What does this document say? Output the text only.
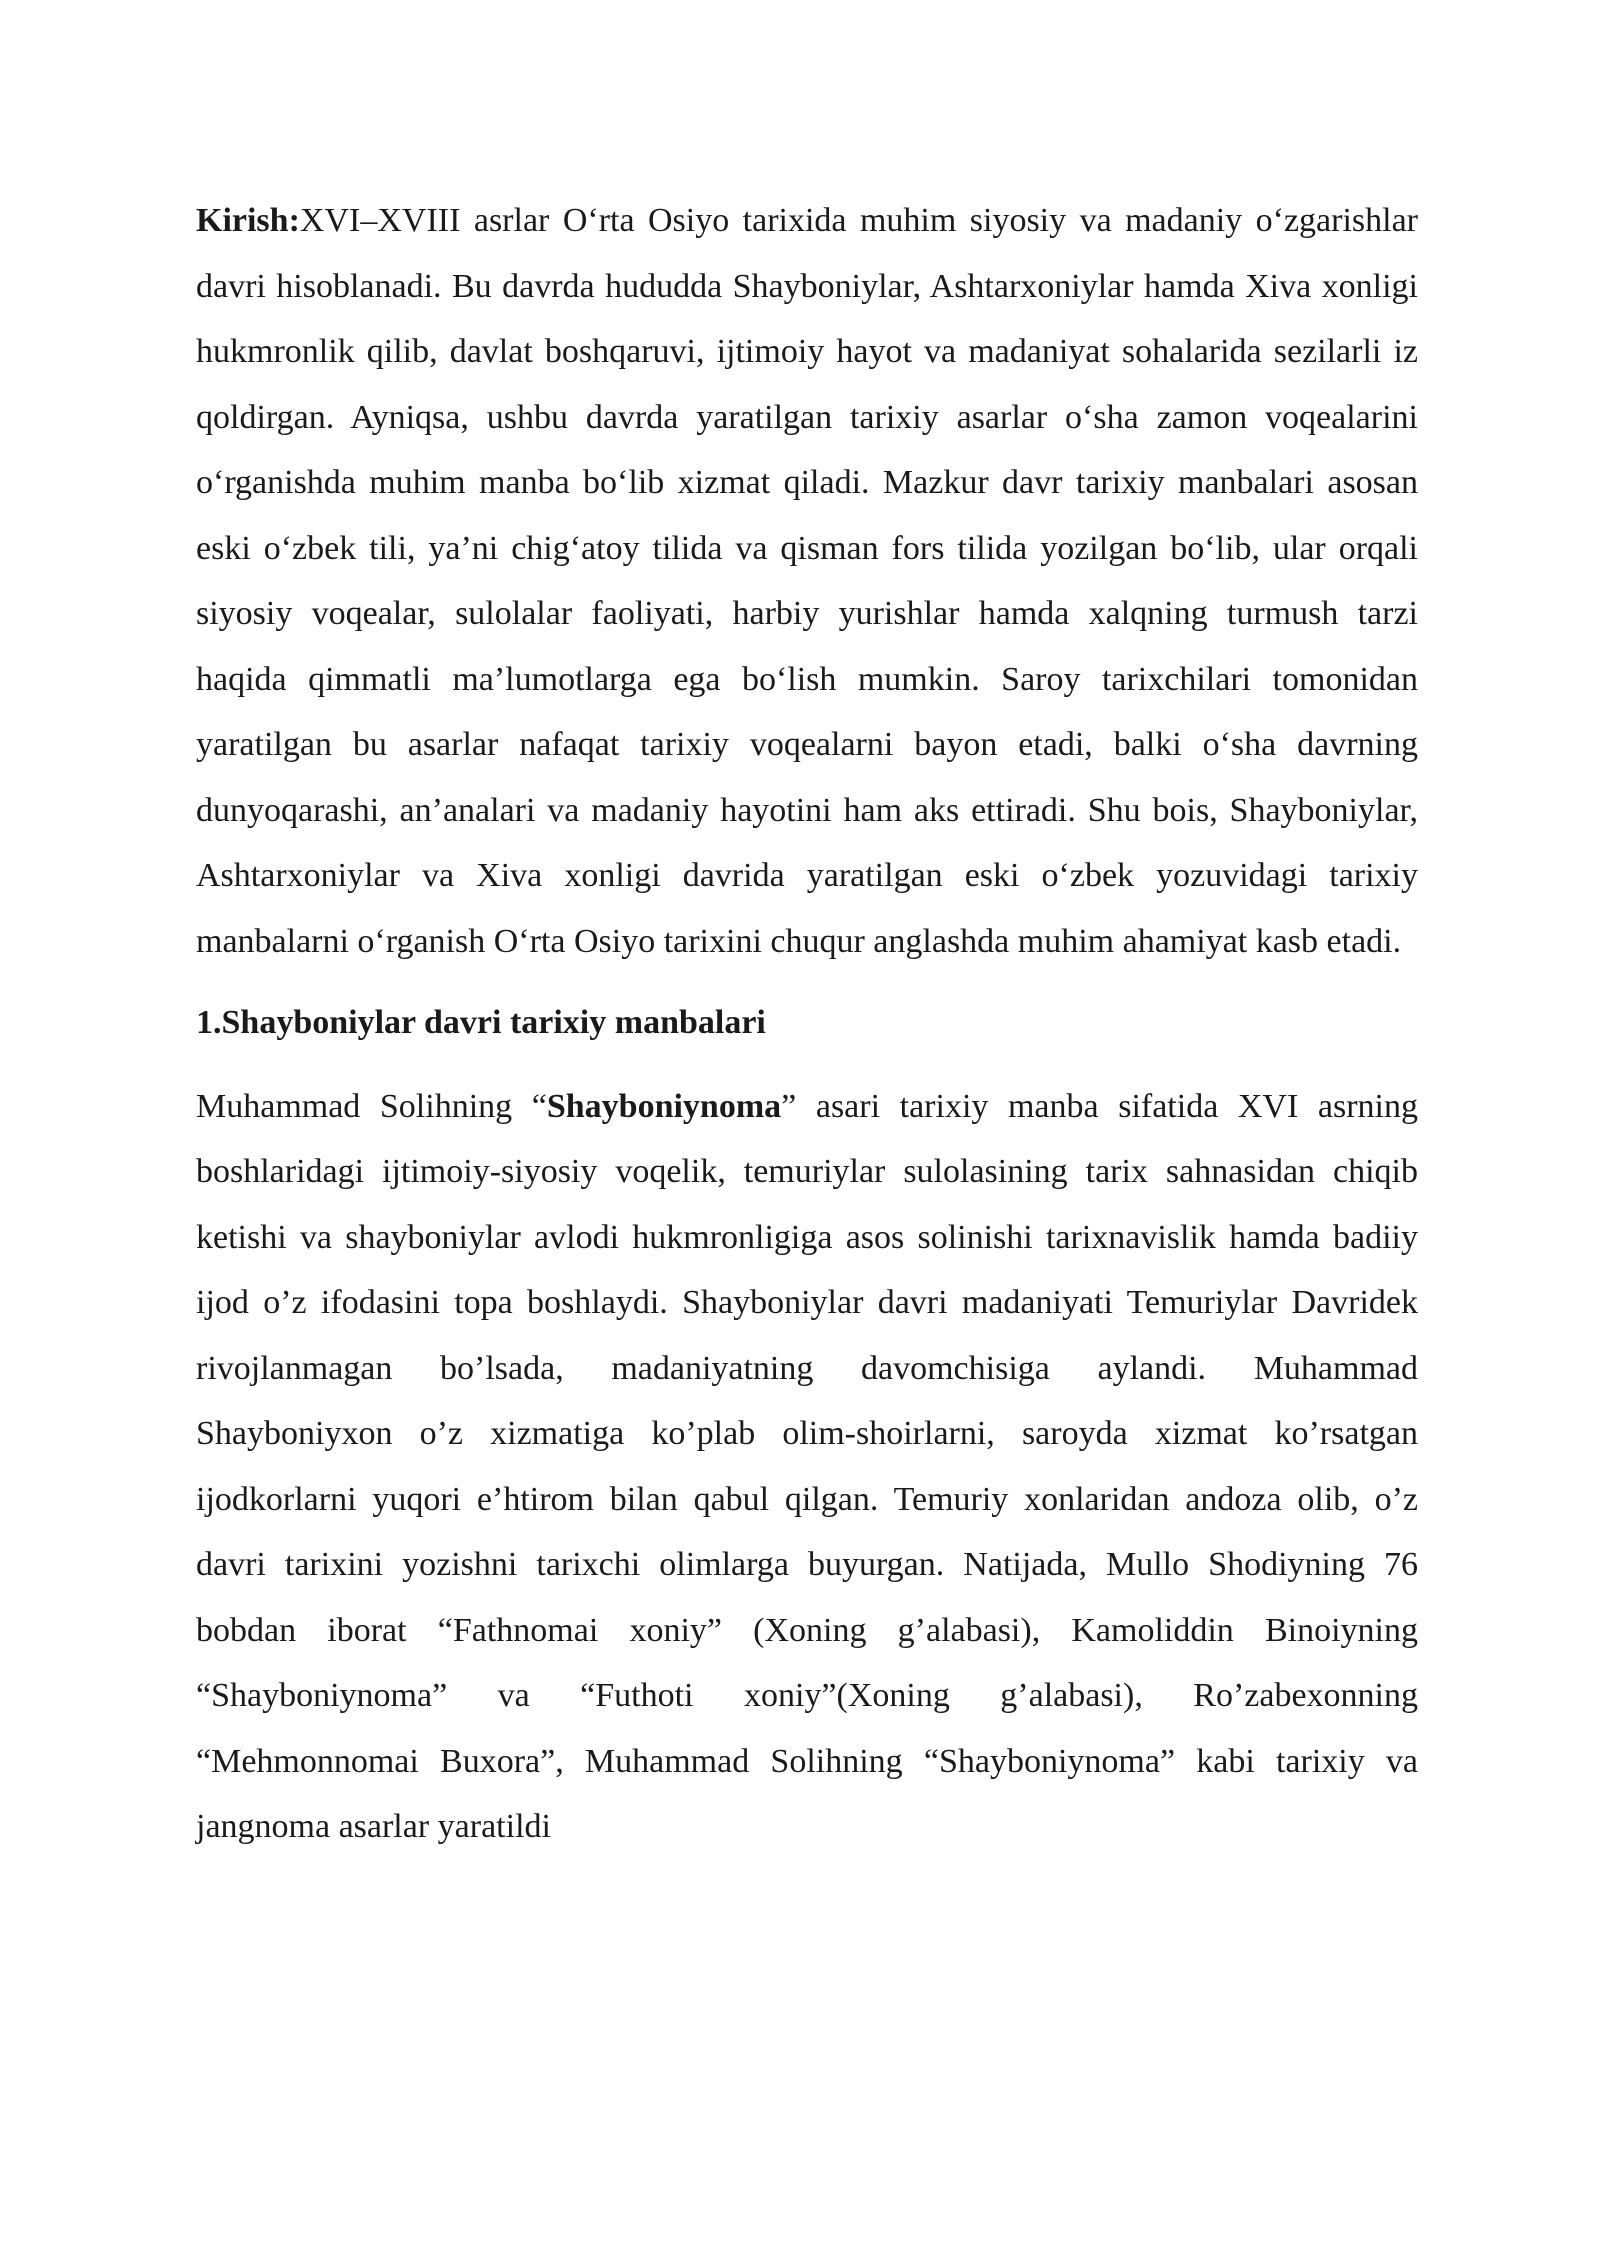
Kirish:XVI–XVIII asrlar O‘rta Osiyo tarixida muhim siyosiy va madaniy o‘zgarishlar davri hisoblanadi. Bu davrda hududda Shayboniylar, Ashtarxoniylar hamda Xiva xonligi hukmronlik qilib, davlat boshqaruvi, ijtimoiy hayot va madaniyat sohalarida sezilarli iz qoldirgan. Ayniqsa, ushbu davrda yaratilgan tarixiy asarlar o‘sha zamon voqealarini o‘rganishda muhim manba bo‘lib xizmat qiladi. Mazkur davr tarixiy manbalari asosan eski o‘zbek tili, ya’ni chig‘atoy tilida va qisman fors tilida yozilgan bo‘lib, ular orqali siyosiy voqealar, sulolalar faoliyati, harbiy yurishlar hamda xalqning turmush tarzi haqida qimmatli ma’lumotlarga ega bo‘lish mumkin. Saroy tarixchilari tomonidan yaratilgan bu asarlar nafaqat tarixiy voqealarni bayon etadi, balki o‘sha davrning dunyoqarashi, an’analari va madaniy hayotini ham aks ettiradi. Shu bois, Shayboniylar, Ashtarxoniylar va Xiva xonligi davrida yaratilgan eski o‘zbek yozuvidagi tarixiy manbalarni o‘rganish O‘rta Osiyo tarixini chuqur anglashda muhim ahamiyat kasb etadi.

1.Shayboniylar davri tarixiy manbalari

Muhammad Solihning “Shayboniynoma” asari tarixiy manba sifatida XVI asrning boshlaridagi ijtimoiy-siyosiy voqelik, temuriylar sulolasining tarix sahnasidan chiqib ketishi va shayboniylar avlodi hukmronligiga asos solinishi tarixnavislik hamda badiiy ijod o’z ifodasini topa boshlaydi. Shayboniylar davri madaniyati Temuriylar Davridek rivojlanmagan bo’lsada, madaniyatning davomchisiga aylandi. Muhammad Shayboniyxon o’z xizmatiga ko’plab olim-shoirlarni, saroyda xizmat ko’rsatgan ijodkorlarni yuqori e’htirom bilan qabul qilgan. Temuriy xonlaridan andoza olib, o’z davri tarixini yozishni tarixchi olimlarga buyurgan. Natijada, Mullo Shodiyning 76 bobdan iborat “Fathnomai xoniy” (Xoning g’alabasi), Kamoliddin Binoiyning “Shayboniynoma” va “Futhoti xoniy”(Xoning g’alabasi), Ro’zabexonning “Mehmonnomai Buxora”, Muhammad Solihning “Shayboniynoma” kabi tarixiy va jangnoma asarlar yaratildi
